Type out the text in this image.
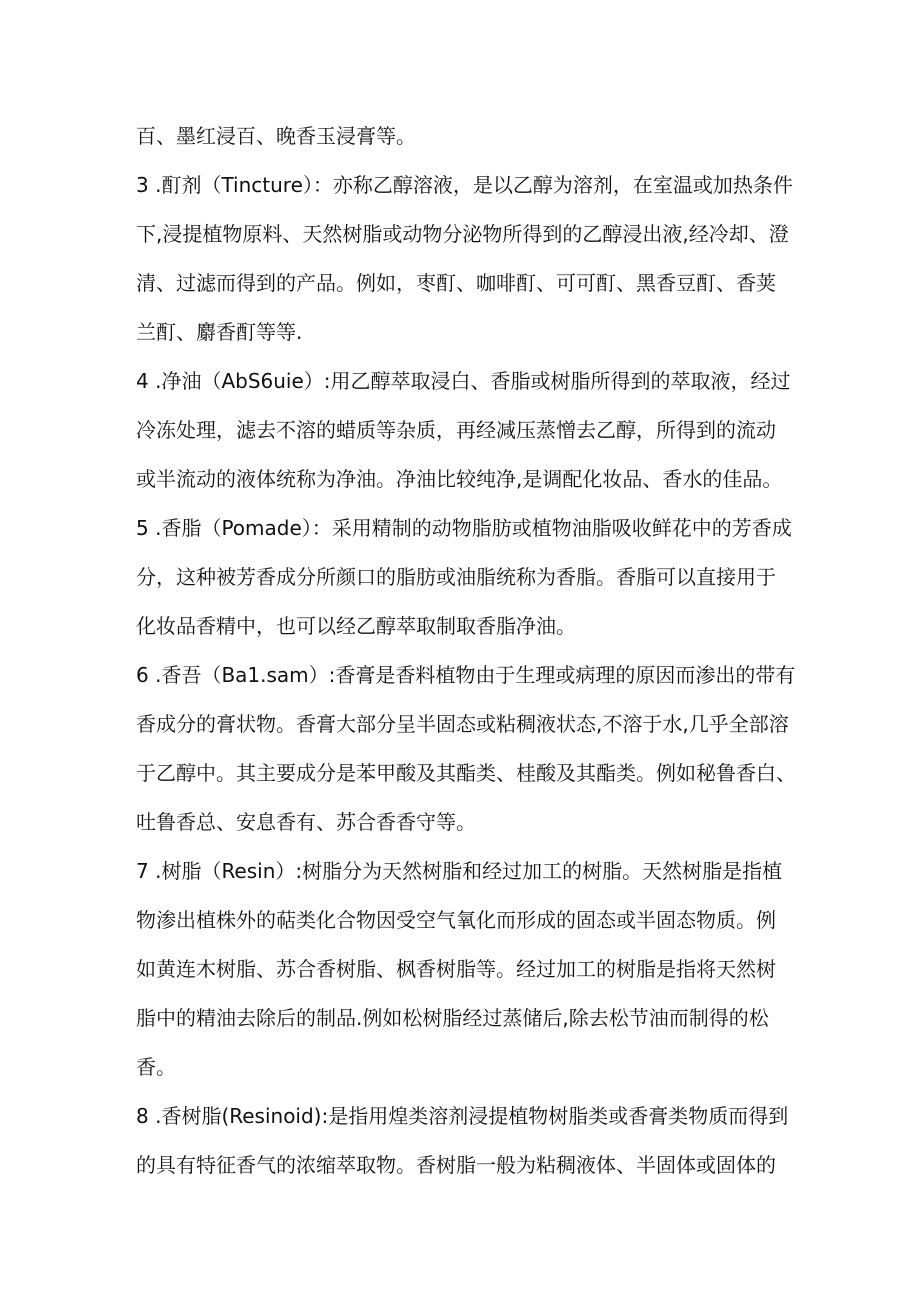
百、墨红浸百、晚香玉浸膏等。
3 .酊剂（Tincture）：亦称乙醇溶液，是以乙醇为溶剂，在室温或加热条件
下,浸提植物原料、天然树脂或动物分泌物所得到的乙醇浸出液,经冷却、澄
清、过滤而得到的产品。例如，枣酊、咖啡酊、可可酊、黑香豆酊、香荚
兰酊、麝香酊等等.
4 .净油（AbS6uie）:用乙醇萃取浸白、香脂或树脂所得到的萃取液，经过
冷冻处理，滤去不溶的蜡质等杂质，再经减压蒸憎去乙醇，所得到的流动
或半流动的液体统称为净油。净油比较纯净,是调配化妆品、香水的佳品。
5 .香脂（Pomade）：采用精制的动物脂肪或植物油脂吸收鲜花中的芳香成
分，这种被芳香成分所颜口的脂肪或油脂统称为香脂。香脂可以直接用于
化妆品香精中，也可以经乙醇萃取制取香脂净油。
6 .香吾（Ba1.sam）:香膏是香料植物由于生理或病理的原因而渗出的带有
香成分的膏状物。香膏大部分呈半固态或粘稠液状态,不溶于水,几乎全部溶
于乙醇中。其主要成分是苯甲酸及其酯类、桂酸及其酯类。例如秘鲁香白、
吐鲁香总、安息香有、苏合香香守等。
7 .树脂（Resin）:树脂分为天然树脂和经过加工的树脂。天然树脂是指植
物渗出植株外的萜类化合物因受空气氧化而形成的固态或半固态物质。例
如黄连木树脂、苏合香树脂、枫香树脂等。经过加工的树脂是指将天然树
脂中的精油去除后的制品.例如松树脂经过蒸储后,除去松节油而制得的松
香。
8 .香树脂(Resinoid):是指用煌类溶剂浸提植物树脂类或香膏类物质而得到
的具有特征香气的浓缩萃取物。香树脂一般为粘稠液体、半固体或固体的
